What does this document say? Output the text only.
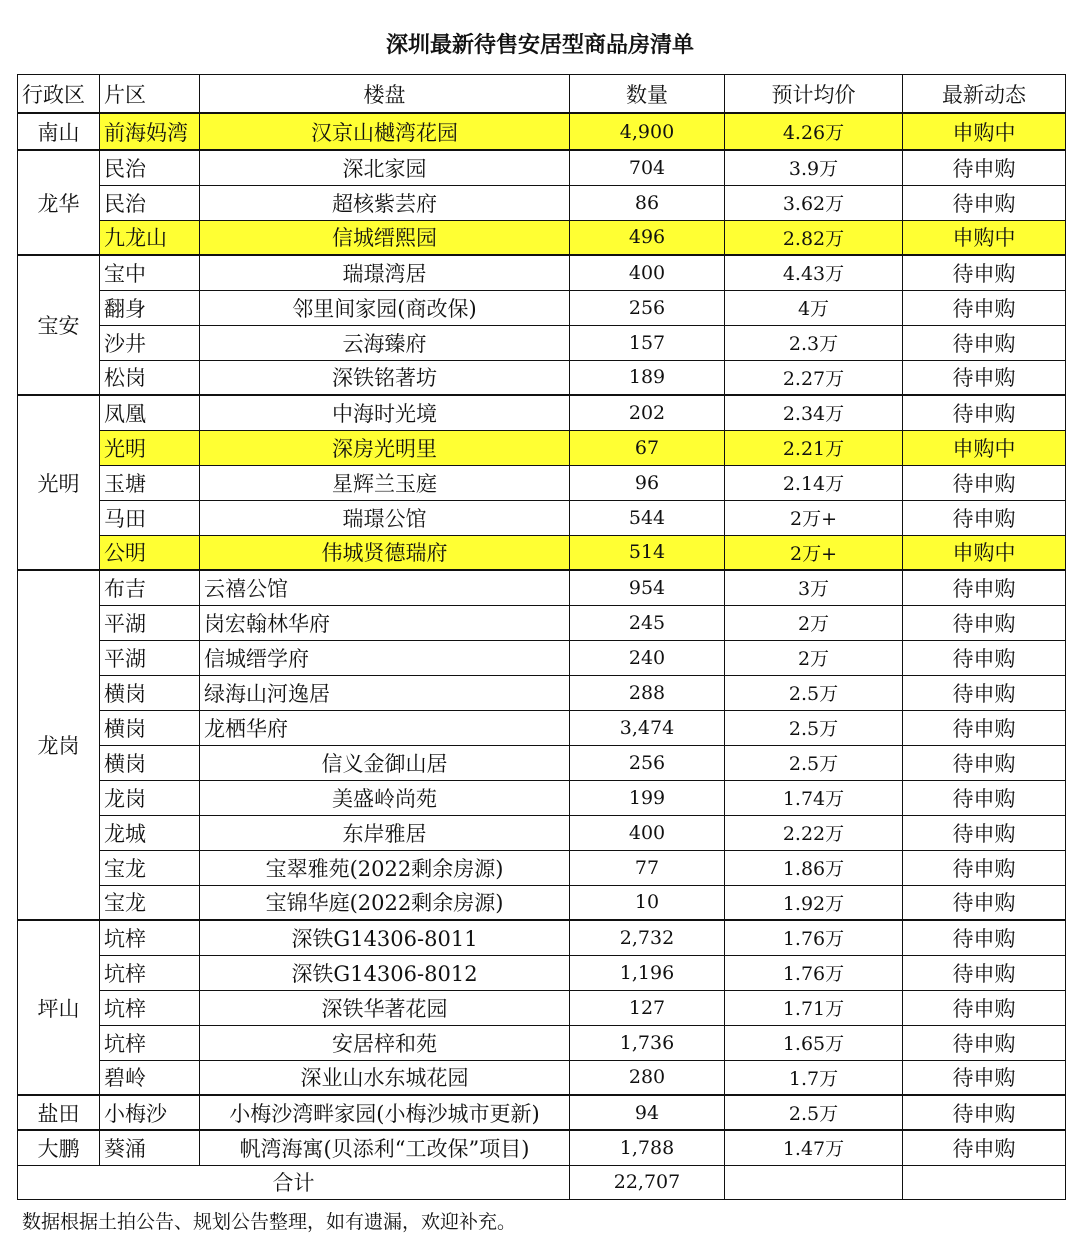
深圳最新待售安居型商品房清单
行政区	片区	楼盘	数量	预计均价	最新动态
南山	前海妈湾	汉京山樾湾花园	4,900	4.26万	申购中
龙华	民治	深北家园	704	3.9万	待申购
	民治	超核紫芸府	86	3.62万	待申购
	九龙山	信城缙熙园	496	2.82万	申购中
宝安	宝中	瑞璟湾居	400	4.43万	待申购
	翻身	邻里间家园(商改保)	256	4万	待申购
	沙井	云海臻府	157	2.3万	待申购
	松岗	深铁铭著坊	189	2.27万	待申购
光明	凤凰	中海时光境	202	2.34万	待申购
	光明	深房光明里	67	2.21万	申购中
	玉塘	星辉兰玉庭	96	2.14万	待申购
	马田	瑞璟公馆	544	2万+	待申购
	公明	伟城贤德瑞府	514	2万+	申购中
龙岗	布吉	云禧公馆	954	3万	待申购
	平湖	岗宏翰林华府	245	2万	待申购
	平湖	信城缙学府	240	2万	待申购
	横岗	绿海山河逸居	288	2.5万	待申购
	横岗	龙栖华府	3,474	2.5万	待申购
	横岗	信义金御山居	256	2.5万	待申购
	龙岗	美盛岭尚苑	199	1.74万	待申购
	龙城	东岸雅居	400	2.22万	待申购
	宝龙	宝翠雅苑(2022剩余房源)	77	1.86万	待申购
	宝龙	宝锦华庭(2022剩余房源)	10	1.92万	待申购
坪山	坑梓	深铁G14306-8011	2,732	1.76万	待申购
	坑梓	深铁G14306-8012	1,196	1.76万	待申购
	坑梓	深铁华著花园	127	1.71万	待申购
	坑梓	安居梓和苑	1,736	1.65万	待申购
	碧岭	深业山水东城花园	280	1.7万	待申购
盐田	小梅沙	小梅沙湾畔家园(小梅沙城市更新)	94	2.5万	待申购
大鹏	葵涌	帆湾海寓(贝添利“工改保”项目)	1,788	1.47万	待申购
合计			22,707		
数据根据土拍公告、规划公告整理，如有遗漏，欢迎补充。
